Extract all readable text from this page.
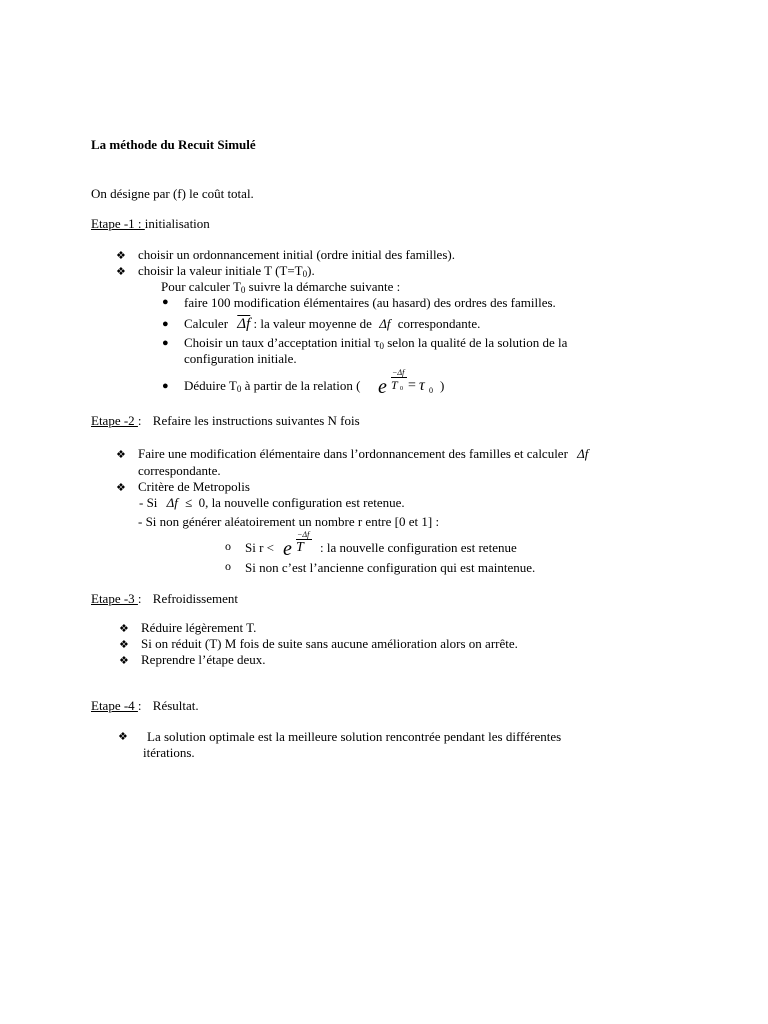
La méthode du Recuit Simulé
On désigne par (f) le coût total.
Etape -1 : initialisation
❖ choisir un ordonnancement initial (ordre initial des familles).
❖ choisir la valeur initiale T $(T=T_0)$.
Pour calculer $T_0$ suivre la démarche suivante :
● faire 100 modification élémentaires (au hasard) des ordres des familles.
● Calculer $\overline{\Delta f}$ : la valeur moyenne de Δf correspondante.
● Choisir un taux d’acceptation initial $\tau_0$ selon la qualité de la solution de la
configuration initiale.
● Déduire $T_0$ à partir de la relation ( e
−Δf
T 0 = τ 0 )
Etape -2 : Refaire les instructions suivantes N fois
❖ Faire une modification élémentaire dans l’ordonnancement des familles et calculer Δf
correspondante.
❖ Critère de Metropolis
- Si Δf ≤ 0, la nouvelle configuration est retenue.
- Si non générer aléatoirement un nombre r entre [0 et 1] :
o Si r < e
−Δf
T : la nouvelle configuration est retenue
o Si non c’est l’ancienne configuration qui est maintenue.
Etape -3 : Refroidissement
❖ Réduire légèrement T.
❖ Si on réduit (T) M fois de suite sans aucune amélioration alors on arrête.
❖ Reprendre l’étape deux.
Etape -4 : Résultat.
❖ La solution optimale est la meilleure solution rencontrée pendant les différentes
itérations.
